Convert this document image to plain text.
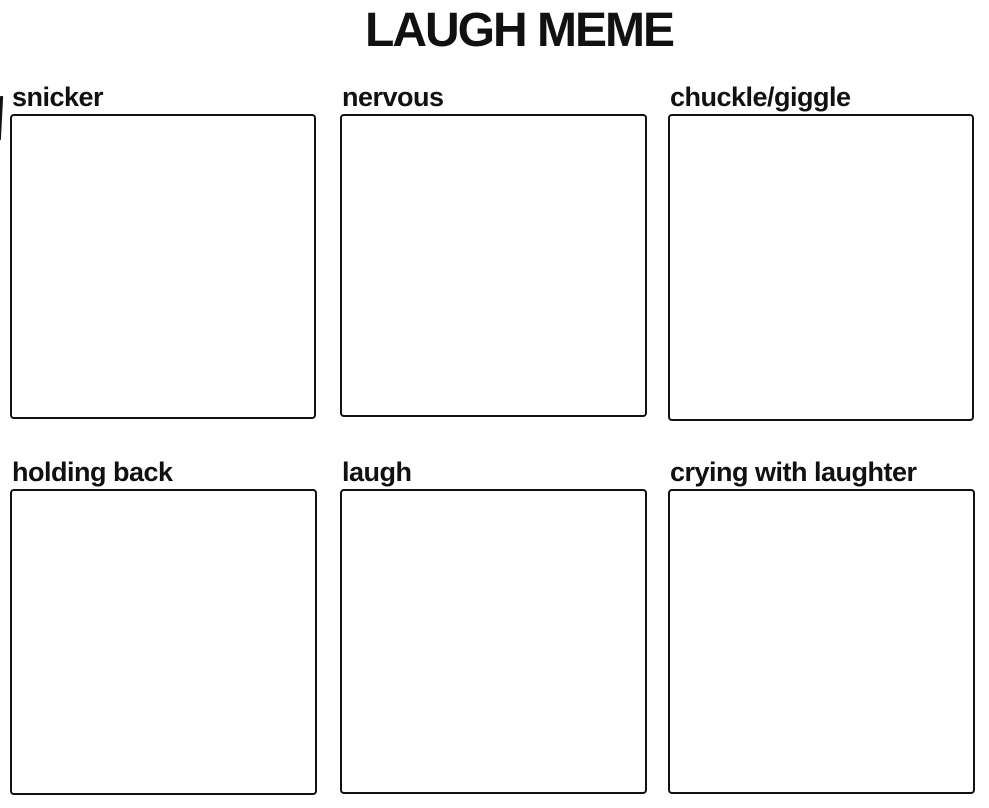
LAUGH MEME
snicker	nervous	chuckle/giggle
holding back	laugh	crying with laughter
